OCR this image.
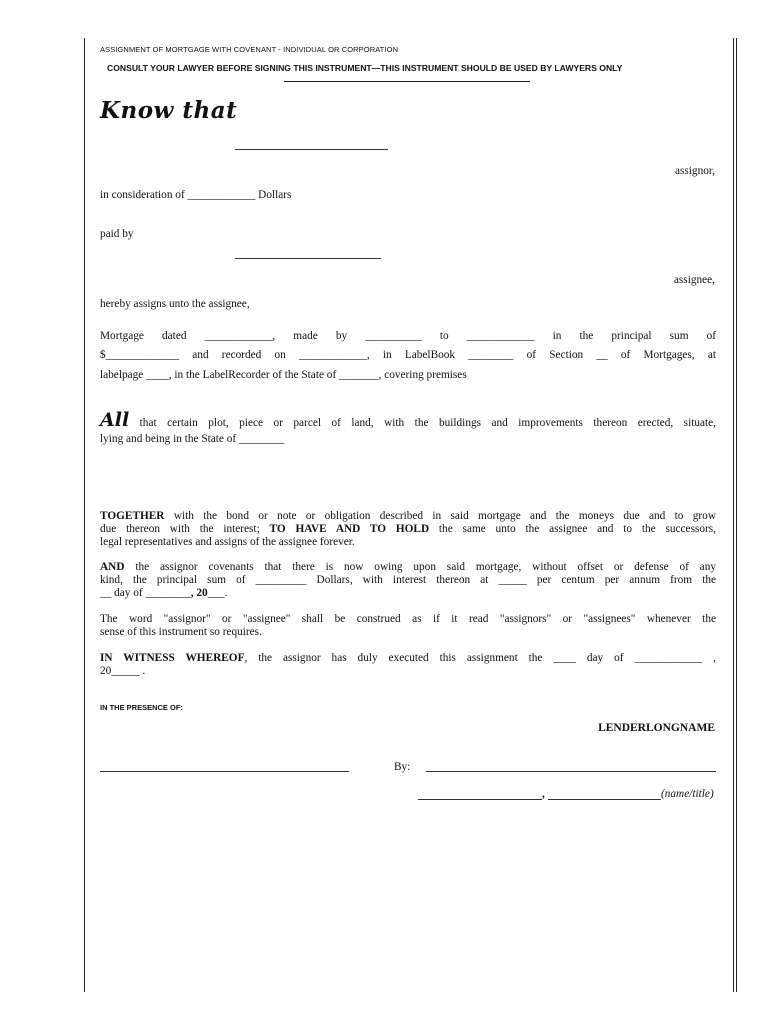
ASSIGNMENT OF MORTGAGE WITH COVENANT - INDIVIDUAL OR CORPORATION
CONSULT YOUR LAWYER BEFORE SIGNING THIS INSTRUMENT—THIS INSTRUMENT SHOULD BE USED BY LAWYERS ONLY
Know that
assignor,
in consideration of ____________ Dollars
paid by
assignee,
hereby assigns unto the assignee,
Mortgage dated ____________, made by __________ to ____________ in the principal sum of
$_____________ and recorded on ____________, in LabelBook ________ of Section __ of Mortgages, at
labelpage ____, in the LabelRecorder of the State of _______, covering premises
All that certain plot, piece or parcel of land, with the buildings and improvements thereon erected, situate,
lying and being in the State of ________
TOGETHER with the bond or note or obligation described in said mortgage and the moneys due and to grow
due thereon with the interest; TO HAVE AND TO HOLD the same unto the assignee and to the successors,
legal representatives and assigns of the assignee forever.
AND the assignor covenants that there is now owing upon said mortgage, without offset or defense of any
kind, the principal sum of _________ Dollars, with interest thereon at _____ per centum per annum from the
__ day of ________, 20___.
The word "assignor" or "assignee" shall be construed as if it read "assignors" or "assignees" whenever the
sense of this instrument so requires.
IN WITNESS WHEREOF, the assignor has duly executed this assignment the ____ day of ____________ ,
20_____ .
IN THE PRESENCE OF:
LENDERLONGNAME
By:
,	(name/title)
